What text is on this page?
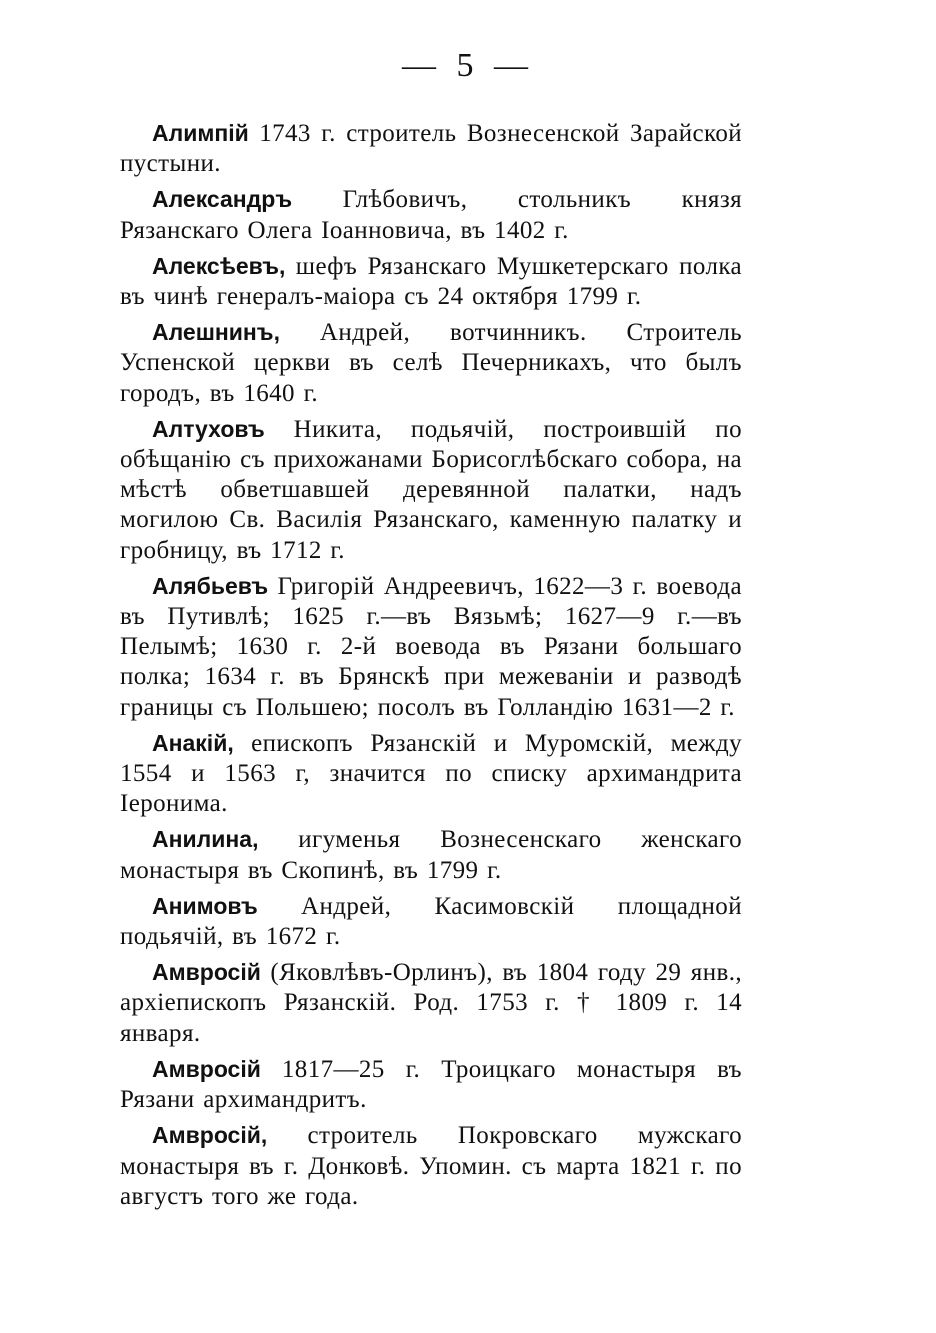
— 5 —

Алимпій 1743 г. строитель Вознесенской Зарайской пустыни.

Александръ Глѣбовичъ, стольникъ князя Рязанскаго Олега Іоанновича, въ 1402 г.

Алексѣевъ, шефъ Рязанскаго Мушкетерскаго полка въ чинѣ генералъ-маіора съ 24 октября 1799 г.

Алешнинъ, Андрей, вотчинникъ. Строитель Успенской церкви въ селѣ Печерникахъ, что былъ городъ, въ 1640 г.

Алтуховъ Никита, подьячій, построившій по обѣщанію съ прихожанами Борисоглѣбскаго собора, на мѣстѣ обветшавшей деревянной палатки, надъ могилою Св. Василія Рязанскаго, каменную палатку и гробницу, въ 1712 г.

Алябьевъ Григорій Андреевичъ, 1622—3 г. воевода въ Путивлѣ; 1625 г.—въ Вязьмѣ; 1627—9 г.—въ Пелымѣ; 1630 г. 2-й воевода въ Рязани большаго полка; 1634 г. въ Брянскѣ при межеваніи и разводѣ границы съ Польшею; посолъ въ Голландію 1631—2 г.

Анакій, епископъ Рязанскій и Муромскій, между 1554 и 1563 г, значится по списку архимандрита Іеронима.

Анилина, игуменья Вознесенскаго женскаго монастыря въ Скопинѣ, въ 1799 г.

Анимовъ Андрей, Касимовскій площадной подьячій, въ 1672 г.

Амвросій (Яковлѣвъ-Орлинъ), въ 1804 году 29 янв., архіепископъ Рязанскій. Род. 1753 г. † 1809 г. 14 января.

Амвросій 1817—25 г. Троицкаго монастыря въ Рязани архимандритъ.

Амвросій, строитель Покровскаго мужскаго монастыря въ г. Донковѣ. Упомин. съ марта 1821 г. по августъ того же года.
